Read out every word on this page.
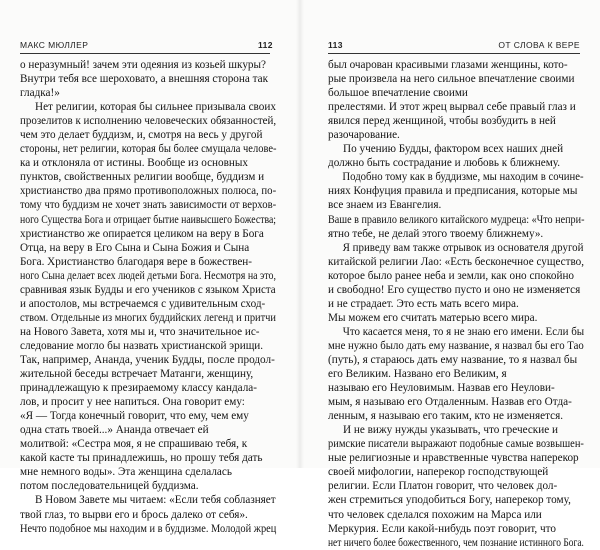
МАКС МЮЛЛЕР	112
о неразумный! зачем эти одеяния из козьей шкуры?
Внутри тебя все шероховато, а внешняя сторона так
гладка!»
Нет религии, которая бы сильнее призывала своих
прозелитов к исполнению человеческих обязанностей,
чем это делает буддизм, и, смотря на весь у другой
стороны, нет религии, которая бы более смущала челове-
ка и отклоняла от истины. Вообще из основных
пунктов, свойственных религии вообще, буддизм и
христианство два прямо противоположных полюса, по-
тому что буддизм не хочет знать зависимости от верхов-
ного Существа Бога и отрицает бытие наивысшего Божества;
христианство же опирается целиком на веру в Бога
Отца, на веру в Его Сына и Сына Божия и Сына
Бога. Христианство благодаря вере в божествен-
ного Сына делает всех людей детьми Бога. Несмотря на это,
сравнивая язык Будды и его учеников с языком Христа
и апостолов, мы встречаемся с удивительным сход-
ством. Отдельные из многих буддийских легенд и притчи
на Нового Завета, хотя мы и, что значительное ис-
следование могло бы назвать христианской эрищи.
Так, например, Ананда, ученик Будды, после продол-
жительной беседы встречает Матанги, женщину,
принадлежащую к презираемому классу кандала-
лов, и просит у нее напиться. Она говорит ему:
«Я — Тогда конечный говорит, что ему, чем ему
одна стать твоей...» Ананда отвечает ей
молитвой: «Сестра моя, я не спрашиваю тебя, к
какой касте ты принадлежишь, но прошу тебя дать
мне немного воды». Эта женщина сделалась
потом последовательницей буддизма.
В Новом Завете мы читаем: «Если тебя соблазняет
твой глаз, то вырви его и брось далеко от себя».
Нечто подобное мы находим и в буддизме. Молодой жрец
113	ОТ СЛОВА К ВЕРЕ
был очарован красивыми глазами женщины, кото-
рые произвела на него сильное впечатление своими
большое впечатление своими
прелестями. И этот жрец вырвал себе правый глаз и
явился перед женщиной, чтобы возбудить в ней
разочарование.
По учению Будды, фактором всех наших дней
должно быть сострадание и любовь к ближнему.
Подобно тому как в буддизме, мы находим в сочине-
ниях Конфуция правила и предписания, которые мы
все знаем из Евангелия.
Ваше в правило великого китайского мудреца: «Что непри-
ятно тебе, не делай этого твоему ближнему».
Я приведу вам также отрывок из основателя другой
китайской религии Лао: «Есть бесконечное существо,
которое было ранее неба и земли, как оно спокойно
и свободно! Его существо пусто и оно не изменяется
и не страдает. Это есть мать всего мира.
Мы можем его считать матерью всего мира.
Что касается меня, то я не знаю его имени. Если бы
мне нужно было дать ему название, я назвал бы его Тао
(путь), я стараюсь дать ему название, то я назвал бы
его Великим. Названо его Великим, я
называю его Неуловимым. Назвав его Неулови-
мым, я называю его Отдаленным. Назвав его Отда-
ленным, я называю его таким, кто не изменяется.
И не вижу нужды указывать, что греческие и
римские писатели выражают подобные самые возвышен-
ные религиозные и нравственные чувства наперекор
своей мифологии, наперекор господствующей
религии. Если Платон говорит, что человек дол-
жен стремиться уподобиться Богу, наперекор тому,
что человек сделался похожим на Марса или
Меркурия. Если какой-нибудь поэт говорит, что
нет ничего более божественного, чем познание истинного Бога.
